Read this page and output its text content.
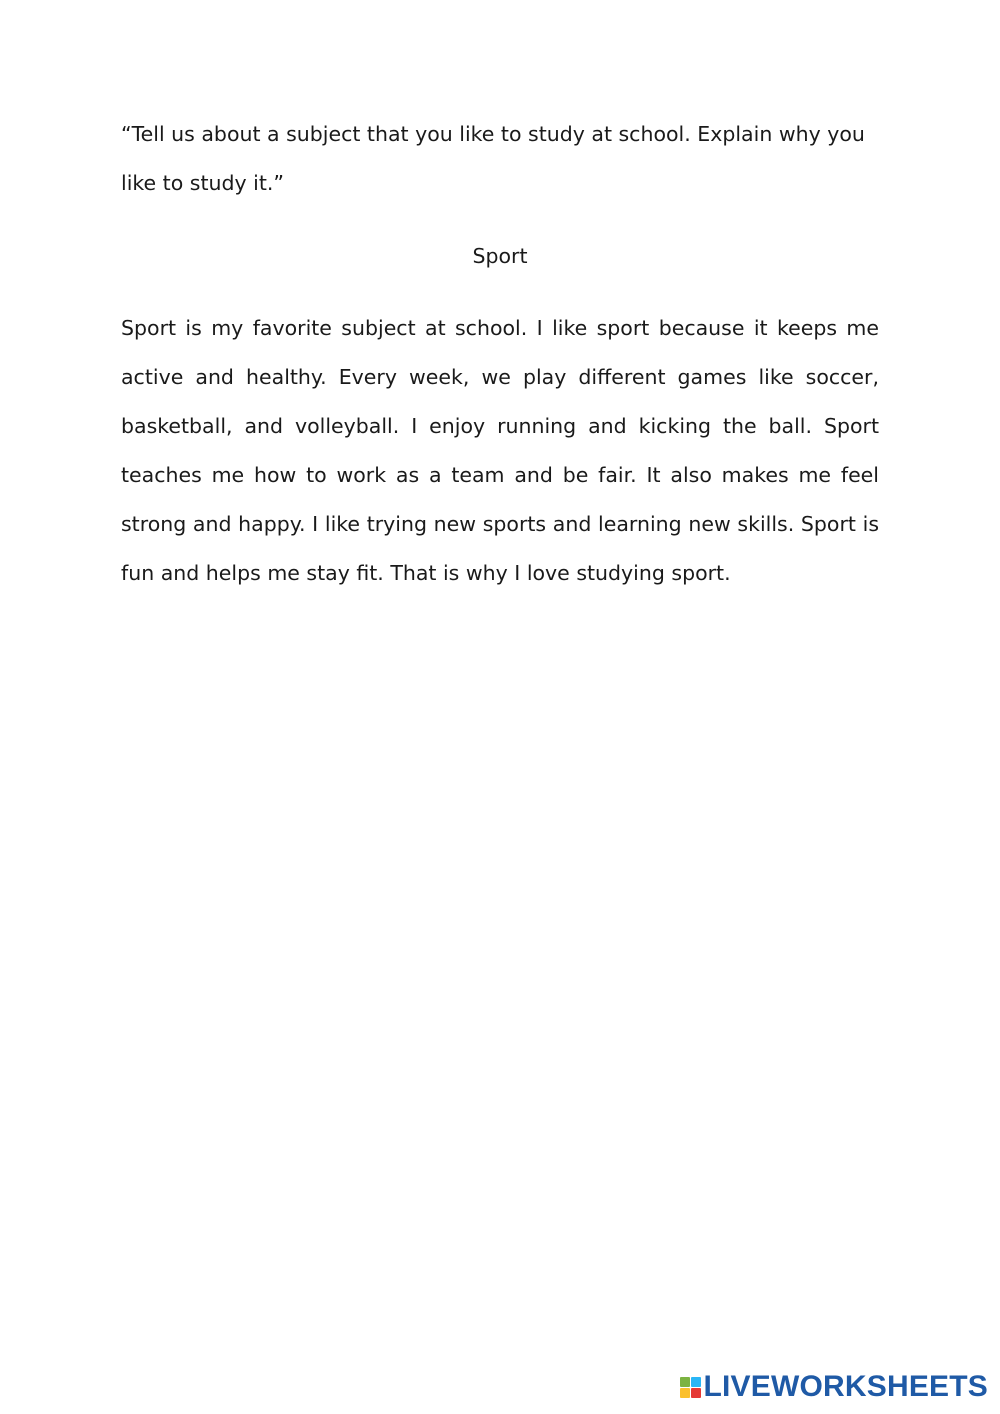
“Tell us about a subject that you like to study at school. Explain why you like to study it.”

Sport

Sport is my favorite subject at school. I like sport because it keeps me active and healthy. Every week, we play different games like soccer, basketball, and volleyball. I enjoy running and kicking the ball. Sport teaches me how to work as a team and be fair. It also makes me feel strong and happy. I like trying new sports and learning new skills. Sport is fun and helps me stay fit. That is why I love studying sport.

LIVEWORKSHEETS
